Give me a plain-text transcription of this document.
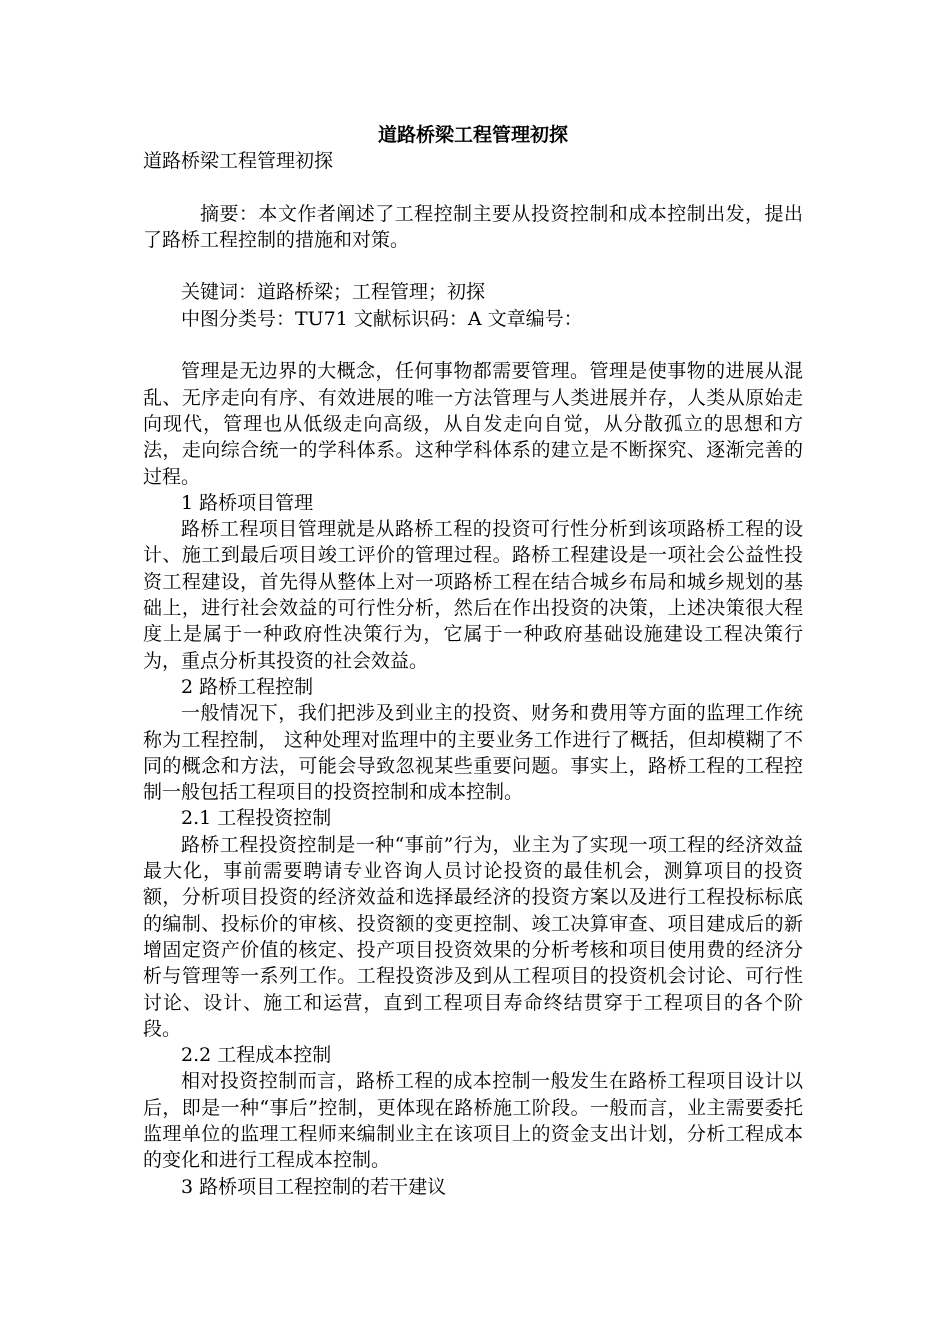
道路桥梁工程管理初探

道路桥梁工程管理初探

摘要：本文作者阐述了工程控制主要从投资控制和成本控制出发，提出了路桥工程控制的措施和对策。

关键词：道路桥梁；工程管理；初探

中图分类号：TU71 文献标识码：A 文章编号：

管理是无边界的大概念，任何事物都需要管理。管理是使事物的进展从混乱、无序走向有序、有效进展的唯一方法管理与人类进展并存，人类从原始走向现代，管理也从低级走向高级，从自发走向自觉，从分散孤立的思想和方法，走向综合统一的学科体系。这种学科体系的建立是不断探究、逐渐完善的过程。

1 路桥项目管理

路桥工程项目管理就是从路桥工程的投资可行性分析到该项路桥工程的设计、施工到最后项目竣工评价的管理过程。路桥工程建设是一项社会公益性投资工程建设，首先得从整体上对一项路桥工程在结合城乡布局和城乡规划的基础上，进行社会效益的可行性分析，然后在作出投资的决策，上述决策很大程度上是属于一种政府性决策行为，它属于一种政府基础设施建设工程决策行为，重点分析其投资的社会效益。

2 路桥工程控制

一般情况下，我们把涉及到业主的投资、财务和费用等方面的监理工作统称为工程控制， 这种处理对监理中的主要业务工作进行了概括，但却模糊了不同的概念和方法，可能会导致忽视某些重要问题。事实上，路桥工程的工程控制一般包括工程项目的投资控制和成本控制。

2.1 工程投资控制

路桥工程投资控制是一种“事前”行为，业主为了实现一项工程的经济效益最大化，事前需要聘请专业咨询人员讨论投资的最佳机会，测算项目的投资额，分析项目投资的经济效益和选择最经济的投资方案以及进行工程投标标底的编制、投标价的审核、投资额的变更控制、竣工决算审查、项目建成后的新增固定资产价值的核定、投产项目投资效果的分析考核和项目使用费的经济分析与管理等一系列工作。工程投资涉及到从工程项目的投资机会讨论、可行性讨论、设计、施工和运营，直到工程项目寿命终结贯穿于工程项目的各个阶段。

2.2 工程成本控制

相对投资控制而言，路桥工程的成本控制一般发生在路桥工程项目设计以后，即是一种“事后”控制，更体现在路桥施工阶段。一般而言，业主需要委托监理单位的监理工程师来编制业主在该项目上的资金支出计划，分析工程成本的变化和进行工程成本控制。

3 路桥项目工程控制的若干建议
